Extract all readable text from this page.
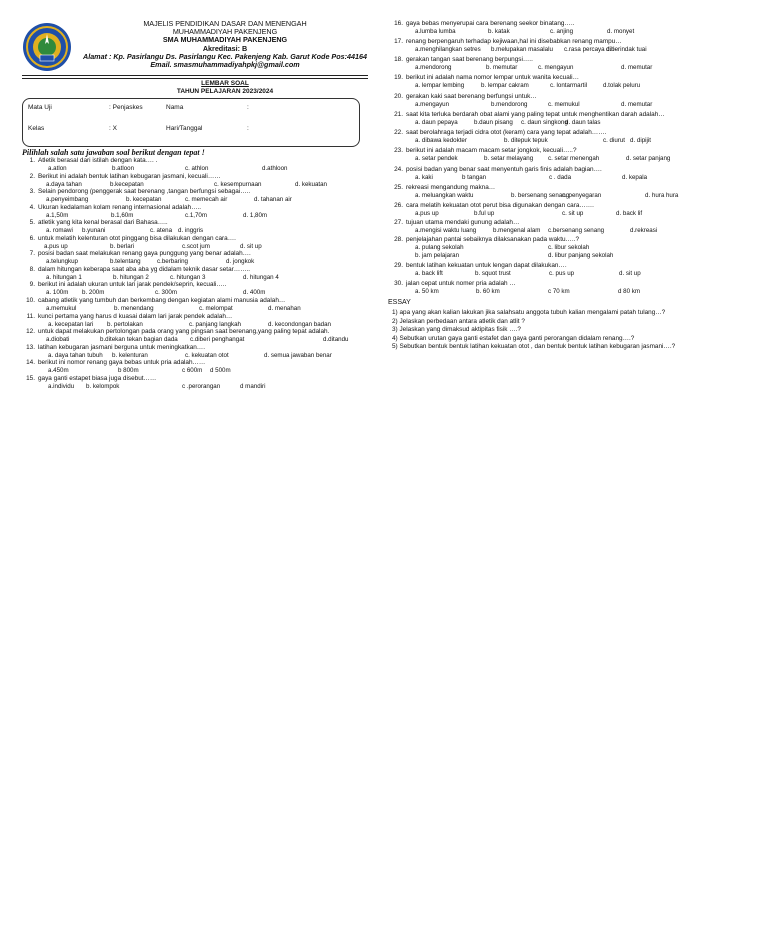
MAJELIS PENDIDIKAN DASAR DAN MENENGAH
MUHAMMADIYAH PAKENJENG
SMA MUHAMMADIYAH PAKENJENG
Akreditasi: B
Alamat : Kp. Pasirlangu Ds. Pasirlangu Kec. Pakenjeng Kab. Garut Kode Pos:44164
Email. smasmuhammadiyahpkj@gmail.com
LEMBAR SOAL
TAHUN PELAJARAN 2023/2024
Mata Uji	: Penjaskes	Nama	:
Kelas	: X	Hari/Tanggal	:
Pilihlah salah satu jawaban soal berikut dengan tepat !
1. Atletik berasal dari istilah dengan kata…. .
a.atlon	b.atloon	c. athlon	d.athloon
2. Berikut ini adalah bentuk latihan kebugaran jasmani, kecuali……
a.daya tahan	b.kecepatan	c. kesempurnaan	d. kekuatan
3. Selain pendorong (penggerak saat berenang ,tangan berfungsi sebagai…..
a.penyeimbang	b. kecepatan	c. memecah air	d. tahanan air
4. Ukuran kedalaman kolam renang internasional adalah…..
a.1,50m	b.1,60m	c.1,70m	d. 1,80m
5. atletik yang kita kenal berasal dari Bahasa…..
a. romawi b.yunani	c. atena d. inggris
6. untuk melatih kelenturan otot pinggang bisa dilakukan dengan cara….
a.pus up	b. berlari	c.scot jum	d. sit up
7. posisi badan saat melakukan renang gaya punggung yang benar adalah….
a.telungkup	b.telentang	c.berbaring	d. jongkok
8. dalam hitungan keberapa saat aba aba yg didalam teknik dasar setar……..
a. hitungan 1	b. hitungan 2	c. hitungan 3	d. hitungan 4
9. berikut ini adalah ukuran untuk lari jarak pendek/seprin, kecuali…..
a. 100m b. 200m	c. 300m	d. 400m
10. cabang atletik yang tumbuh dan berkembang dengan kegiatan alami manusia adalah…
a.memukul	b. menendang	c. melompat	d. menahan
11. kunci pertama yang harus d kuasai dalam lari jarak pendek adalah…
a. kecepatan lari b. pertolakan	c. panjang langkah	d. kecondongan badan
12. untuk dapat melakukan pertolongan pada orang yang pingsan saat berenang,yang paling tepat adalah.
a.diobati	b.ditekan tekan bagian dada c.diberi penghangat	d.ditandu
13. latihan kebugaran jasmani berguna untuk meningkatkan….
a. daya tahan tubuh b. kelenturan	c. kekuatan otot	d. semua jawaban benar
14. berikut ini nomor renang gaya bebas untuk pria adalah……
a.450m	b 800m	c 600m d 500m
15. gaya ganti estapet biasa juga disebut……
a.individu b. kelompok	c .perorangan	d mandiri
16. gaya bebas menyerupai cara berenang seekor binatang…..
a.lumba lumba	b. katak	c. anjing	d. monyet
17. renang berpengaruh terhadap kejiwaan,hal ini disebabkan renang mampu…
a.menghilangkan setres b.melupakan masalalu c.rasa percaya diri
d.berindak tuai
18. gerakan tangan saat berenang berpungsi…..
a.mendorong	b. memutar	c. mengayun	d. memutar
19. berikut ini adalah nama nomor lempar untuk wanita kecuali…
a. lempar lembing	b. lempar cakram	c. lontarmartil	d.tolak peluru
20. gerakan kaki saat berenang berfungsi untuk…
a.mengayun	b.mendorong	c. memukul	d. memutar
21. saat kita terluka berdarah obat alami yang paling tepat untuk menghentikan darah adalah…
a. daun pepaya	b.daun pisang c. daun singkong
d. daun talas
22. saat berolahraga terjadi cidra otot (keram) cara yang tepat adalah…….
a. dibawa kedokter	b. ditepuk tepuk	c. diurut d. dipijit
23. berikut ini adalah macam macam setar jongkok, kecuali…..?
a. setar pendek	b. setar melayang c. setar menengah	d. setar panjang
24. posisi badan yang benar saat menyentuh garis finis adalah bagian….
a. kaki	b tangan	c . dada	d. kepala
25. rekreasi mengandung makna…
a. meluangkan waktu	b. bersenang senang
c. penyegaran	d. hura hura
26. cara melatih kekuatan otot perut bisa digunakan dengan cara…….
a.pus up	b.ful up	c. sit up	d. back lif
27. tujuan utama mendaki gunung adalah…
a.mengisi waktu luang	b.mengenal alam c.bersenang senang	d.rekreasi
28. penjelajahan pantai sebaiknya dilaksanakan pada waktu…..?
a. pulang sekolah	c. libur sekolah
b. jam pelajaran	d. libur panjang sekolah
29. bentuk latihan kekuatan untuk lengan dapat dilakukan….
a. back lift	b. squot trust	c. pus up	d. sit up
30. jalan cepat untuk nomer pria adalah …
a. 50 km	b. 60 km	c 70 km	d 80 km
ESSAY
1) apa yang akan kalian lakukan jika salahsatu anggota tubuh kalian mengalami patah tulang…?
2) Jelaskan perbedaan antara atletik dan atlit ?
3) Jelaskan yang dimaksud aktipitas fisik ….?
4) Sebutkan urutan gaya ganti estafet dan gaya ganti perorangan didalam renang….?
5) Sebutkan bentuk bentuk latihan kekuatan otot , dan bentuk bentuk latihan kebugaran jasmani….?
